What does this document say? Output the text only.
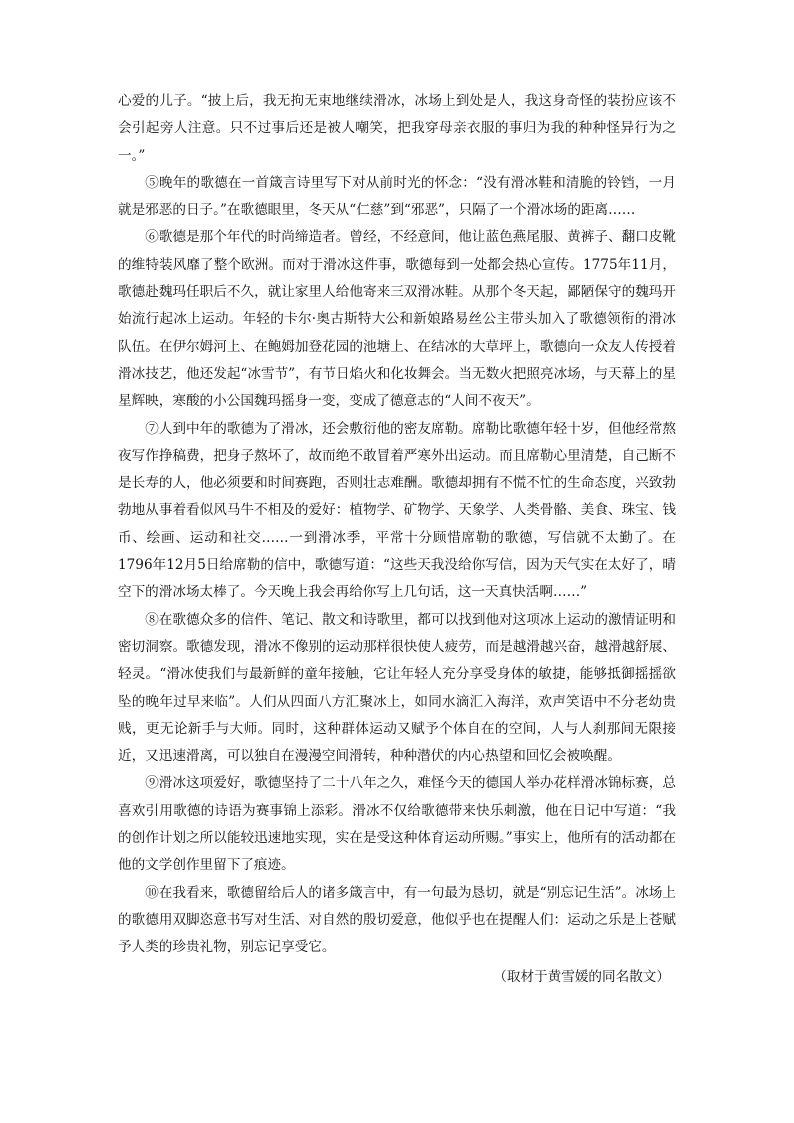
心爱的儿子。“披上后，我无拘无束地继续滑冰，冰场上到处是人，我这身奇怪的装扮应该不会引起旁人注意。只不过事后还是被人嘲笑，把我穿母亲衣服的事归为我的种种怪异行为之一。”

⑤晚年的歌德在一首箴言诗里写下对从前时光的怀念：“没有滑冰鞋和清脆的铃铛，一月就是邪恶的日子。”在歌德眼里，冬天从“仁慈”到“邪恶”，只隔了一个滑冰场的距离……

⑥歌德是那个年代的时尚缔造者。曾经，不经意间，他让蓝色燕尾服、黄裤子、翻口皮靴的维特装风靡了整个欧洲。而对于滑冰这件事，歌德每到一处都会热心宣传。1775年11月，歌德赴魏玛任职后不久，就让家里人给他寄来三双滑冰鞋。从那个冬天起，鄙陋保守的魏玛开始流行起冰上运动。年轻的卡尔·奥古斯特大公和新娘路易丝公主带头加入了歌德领衔的滑冰队伍。在伊尔姆河上、在鲍姆加登花园的池塘上、在结冰的大草坪上，歌德向一众友人传授着滑冰技艺，他还发起“冰雪节”，有节日焰火和化妆舞会。当无数火把照亮冰场，与天幕上的星星辉映，寒酸的小公国魏玛摇身一变，变成了德意志的“人间不夜天”。

⑦人到中年的歌德为了滑冰，还会敷衍他的密友席勒。席勒比歌德年轻十岁，但他经常熬夜写作挣稿费，把身子熬坏了，故而绝不敢冒着严寒外出运动。而且席勒心里清楚，自己断不是长寿的人，他必须要和时间赛跑，否则壮志难酬。歌德却拥有不慌不忙的生命态度，兴致勃勃地从事着看似风马牛不相及的爱好：植物学、矿物学、天象学、人类骨骼、美食、珠宝、钱币、绘画、运动和社交……一到滑冰季，平常十分顾惜席勒的歌德，写信就不太勤了。在1796年12月5日给席勒的信中，歌德写道：“这些天我没给你写信，因为天气实在太好了，晴空下的滑冰场太棒了。今天晚上我会再给你写上几句话，这一天真快活啊……”

⑧在歌德众多的信件、笔记、散文和诗歌里，都可以找到他对这项冰上运动的激情证明和密切洞察。歌德发现，滑冰不像别的运动那样很快使人疲劳，而是越滑越兴奋，越滑越舒展、轻灵。“滑冰使我们与最新鲜的童年接触，它让年轻人充分享受身体的敏捷，能够抵御摇摇欲坠的晚年过早来临”。人们从四面八方汇聚冰上，如同水滴汇入海洋，欢声笑语中不分老幼贵贱，更无论新手与大师。同时，这种群体运动又赋予个体自在的空间，人与人刹那间无限接近，又迅速滑离，可以独自在漫漫空间滑转，种种潜伏的内心热望和回忆会被唤醒。

⑨滑冰这项爱好，歌德坚持了二十八年之久，难怪今天的德国人举办花样滑冰锦标赛，总喜欢引用歌德的诗语为赛事锦上添彩。滑冰不仅给歌德带来快乐刺激，他在日记中写道：“我的创作计划之所以能较迅速地实现，实在是受这种体育运动所赐。”事实上，他所有的活动都在他的文学创作里留下了痕迹。

⑩在我看来，歌德留给后人的诸多箴言中，有一句最为恳切，就是“别忘记生活”。冰场上的歌德用双脚恣意书写对生活、对自然的殷切爱意，他似乎也在提醒人们：运动之乐是上苍赋予人类的珍贵礼物，别忘记享受它。

（取材于黄雪媛的同名散文）
